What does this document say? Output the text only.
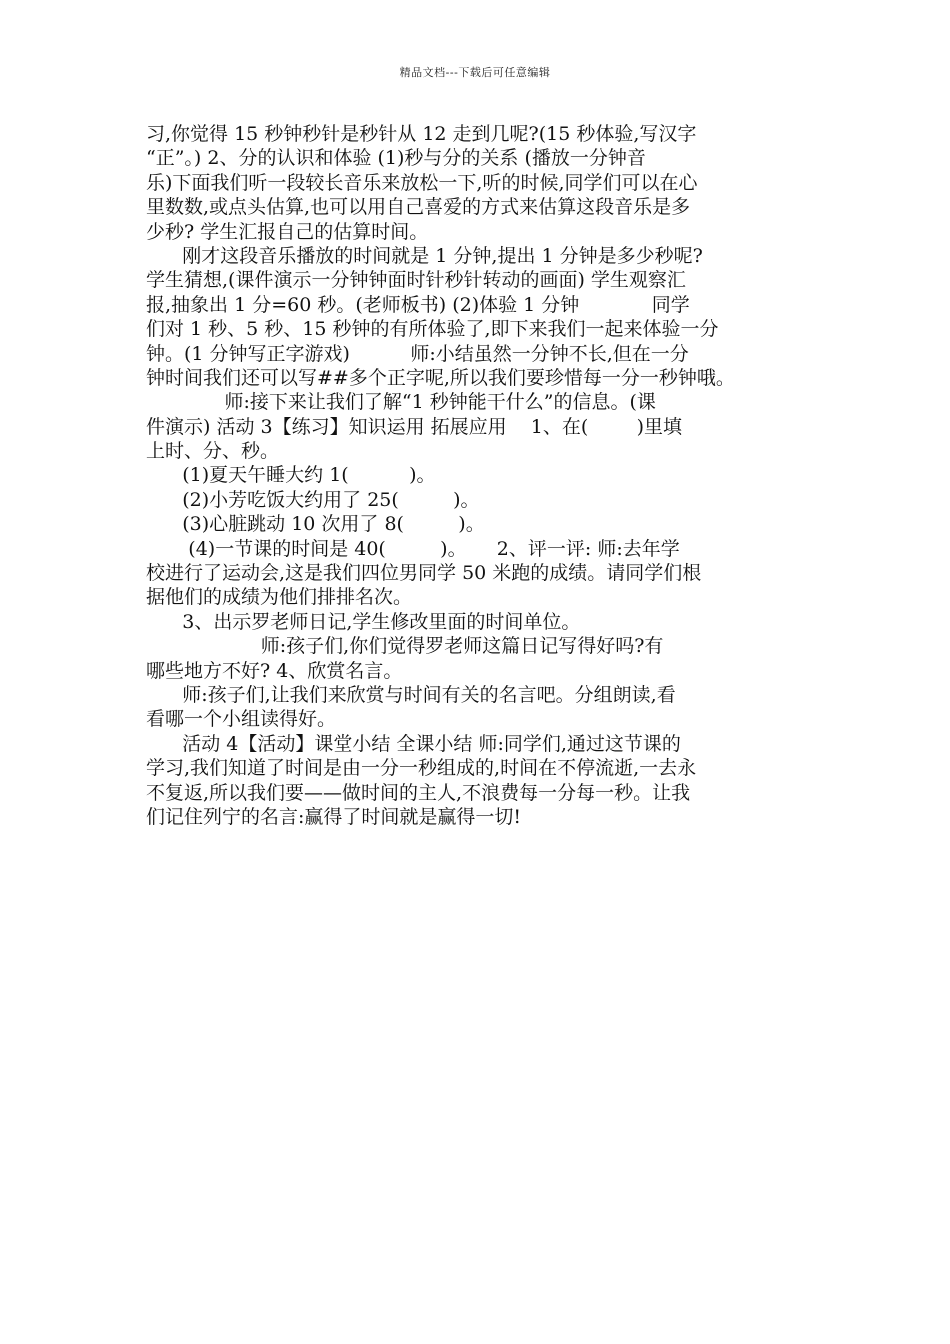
精品文档---下载后可任意编辑
习,你觉得 15 秒钟秒针是秒针从 12 走到几呢?(15 秒体验,写汉字
“正”。) 2、分的认识和体验 (1)秒与分的关系 (播放一分钟音
乐)下面我们听一段较长音乐来放松一下,听的时候,同学们可以在心
里数数,或点头估算,也可以用自己喜爱的方式来估算这段音乐是多
少秒? 学生汇报自己的估算时间。
刚才这段音乐播放的时间就是 1 分钟,提出 1 分钟是多少秒呢?
学生猜想,(课件演示一分钟钟面时针秒针转动的画面) 学生观察汇
报,抽象出 1 分=60 秒。(老师板书) (2)体验 1 分钟            同学
们对 1 秒、5 秒、15 秒钟的有所体验了,即下来我们一起来体验一分
钟。(1 分钟写正字游戏)          师:小结虽然一分钟不长,但在一分
钟时间我们还可以写##多个正字呢,所以我们要珍惜每一分一秒钟哦。
师:接下来让我们了解“1 秒钟能干什么”的信息。(课
件演示) 活动 3【练习】知识运用 拓展应用    1、在(        )里填
上时、分、秒。
(1)夏天午睡大约 1(          )。
(2)小芳吃饭大约用了 25(         )。
(3)心脏跳动 10 次用了 8(         )。
(4)一节课的时间是 40(         )。     2、评一评: 师:去年学
校进行了运动会,这是我们四位男同学 50 米跑的成绩。请同学们根
据他们的成绩为他们排排名次。
3、出示罗老师日记,学生修改里面的时间单位。
师:孩子们,你们觉得罗老师这篇日记写得好吗?有
哪些地方不好? 4、欣赏名言。
师:孩子们,让我们来欣赏与时间有关的名言吧。分组朗读,看
看哪一个小组读得好。
活动 4【活动】课堂小结 全课小结 师:同学们,通过这节课的
学习,我们知道了时间是由一分一秒组成的,时间在不停流逝,一去永
不复返,所以我们要——做时间的主人,不浪费每一分每一秒。让我
们记住列宁的名言:赢得了时间就是赢得一切!
